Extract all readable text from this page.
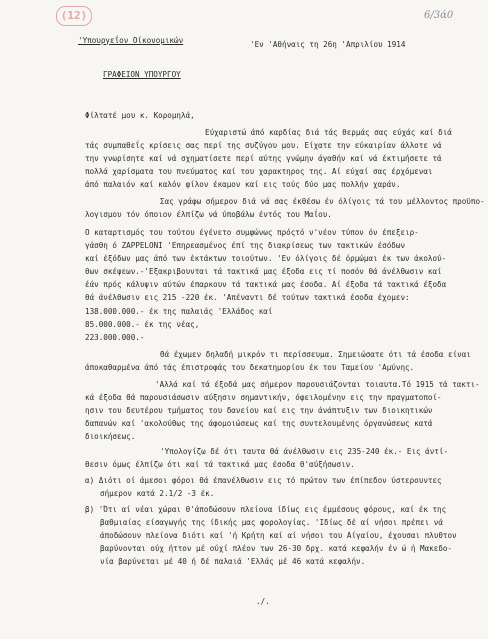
(12)	6/3ά0
'Υπουργεΐον Οίκονομικών	'Εν 'Αθήναις τη 26η 'Απριλίου 1914
ΓΡΑΦΕΙΟΝ ΥΠΟΥΡΓΟΥ
Φίλτατέ μου κ. Κορομηλά,
Εύχαριστώ άπό καρδίας διά τάς θερμάς σας εύχάς καί διά
τάς συμπαθεΐς κρίσεις σας περί της συζύγου μου. Είχατε την εύκαιρίαν άλλοτε νά
την γνωρίσητε καί νά σχηματίσετε περί αύτης γνώμην άγαθήν καί νά έκτιμήσετε τά
πολλά χαρίσματα του πνεύματος καί του χαρακτηρος της. Αί εύχαί σας έρχόμεναι
άπό παλαιόν καί καλόν φίλον έκαμον καί εις τούς δύο μας πολλήν χαράν.
Σας γράφω σήμερον διά νά σας έκθέσω έν όλίγοις τά του μέλλοντος προϋπο-
λογισμου τόν όποιον έλπίζω νά ύποβάλω έντός του Μαΐου.
Ο καταρτισμός του τούτου έγένετο συμφώνως πρόςτό ν'νέον τύπον όν έπεξειρ-
γάσθη ό ZAPPELONI 'Επηρεασμένος έπί της διακρίσεως των τακτικών έσόδων
καί έξόδων μας άπό των έκτάκτων τοιούτων. 'Εν όλίγοις δέ όρμώμαι έκ των άκολού-
θων σκέψεων.-'Εξακριβουνται τά τακτικά μας έξοδα εις τί ποσόν θά άνέλθωσιν καί
έάν πρός κάλυψιν αύτών έπαρκουν τά τακτικά μας έσοδα. Αί έξοδα τά τακτικά έξοδα
θά άνέλθωσιν εις 215 -220 έκ. 'Απέναντι δέ τούτων τακτικά έσοδα έχομεν:
138.000.000.- έκ της παλαιάς 'Ελλάδος καί
85.000.000.- έκ της νέας,
223.000.000.-
Θά έχωμεν δηλαδή μικρόν τι περίσσευμα. Σημειώσατε ότι τά έσοδα είναι
άποκαθαρμένα άπό τάς έπιστροφάς του δεκατημορίου έκ του Ταμείου 'Αμύνης.
'Αλλά καί τά έξοδά μας σήμερον παρουσιάζονται τοιαυτα.Τό 1915 τά τακτι-
κά έξοδα θά παρουσιάσωσιν αύξησιν σημαντικήν, όφειλομένην εις την πραγματοποί-
ησιν του δευτέρου τμήματος του δανείου καί εις την άνάπτυξιν των διοικητικών
δαπανών καί 'ακολούθως της άφομοιώσεως καί της συντελουμένης όργανώσεως κατά
διοικήσεως.
'Υπολογίζω δέ ότι ταυτα θά άνέλθωσιν εις 235-240 έκ.- Εις άντί-
θεσιν όμως έλπίζω ότι καί τά τακτικά μας έσοδα θ'αύξήσωσιν.
α) Διότι οί άμεσοι φόροι θά έπανέλθωσιν εις τό πρώτον των έπίπεδον ύστερουντες
σήμερον κατά 2.1/2 -3 έκ.
β) 'Ότι αί νέαι χώραι θ'άποδώσουν πλείονα ίδίως εις έμμέσους φόρους, καί έκ της
βαθμιαίας είσαγωγής της ίδικής μας φορολογίας. 'Ιδίως δέ αί νήσοι πρέπει νά
άποδώσουν πλείονα διότι καί 'ή Κρήτη καί αί νήσοι του Αίγαίου, έχουσαι πλυθτον
βαρύνονται ούχ ήττον μέ ούχί πλέον των 26-30 δρχ. κατά κεφαλήν έν ώ ή Μακεδο-
νία βαρύνεται μέ 40 ή δέ παλαιά 'Ελλάς μέ 46 κατά κεφαλήν.
./.
